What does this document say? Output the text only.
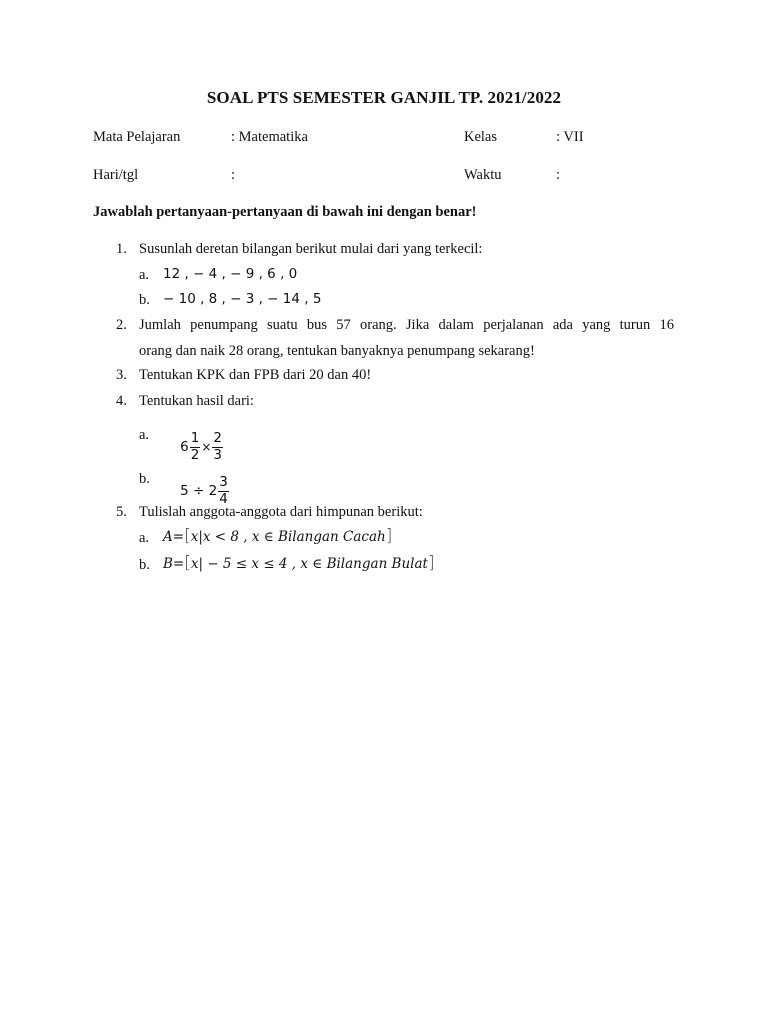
SOAL PTS SEMESTER GANJIL TP. 2021/2022
Mata Pelajaran	: Matematika	Kelas	: VII
Hari/tgl	:	Waktu	:
Jawablah pertanyaan-pertanyaan di bawah ini dengan benar!
1. Susunlah deretan bilangan berikut mulai dari yang terkecil:
a. 12 , − 4 , − 9 , 6 , 0
b. − 10 , 8 , − 3 , − 14 , 5
2. Jumlah penumpang suatu bus 57 orang. Jika dalam perjalanan ada yang turun 16
orang dan naik 28 orang, tentukan banyaknya penumpang sekarang!
3. Tentukan KPK dan FPB dari 20 dan 40!
4. Tentukan hasil dari:
a.

$6 \frac{1}{2} \times \frac{2}{3}$

b.

$5 \div 2 \frac{3}{4}$

5. Tulislah anggota-anggota dari himpunan berikut:
a. A=[x|x < 8 , x ∈ Bilangan Cacah]
b. B=[x| − 5 ≤ x ≤ 4 , x ∈ Bilangan Bulat]
